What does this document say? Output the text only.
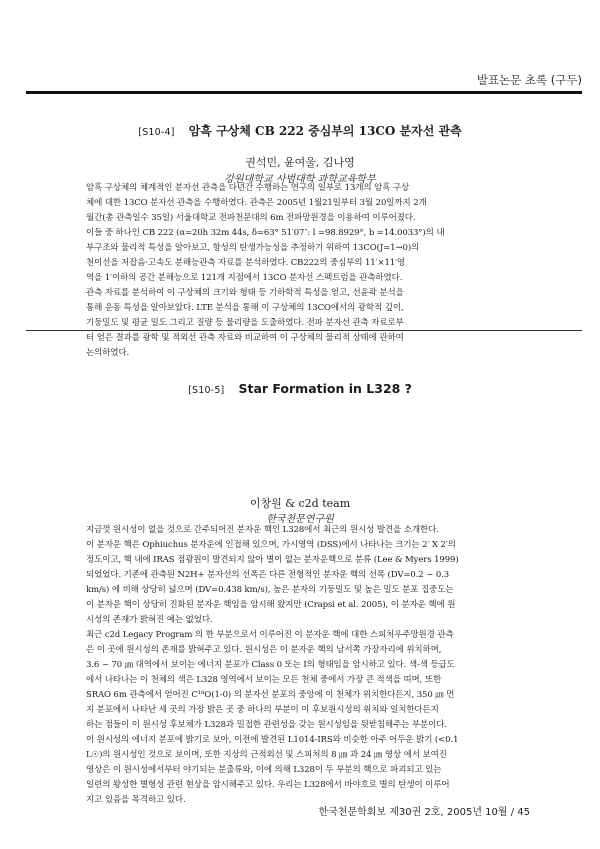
발표논문 초록 (구두)
[S10-4] 암흑 구상체 CB 222 중심부의 13CO 분자선 관측
권석민, 윤여울, 김나영
강원대학교 사범대학 과학교육학부
암흑 구상체의 체계적인 분자선 관측을 다년간 수행하는 연구의 일부로 13개의 암흑 구상
체에 대한 13CO 분자선 관측을 수행하였다. 관측은 2005년 1월21일부터 3월 20일까지 2개
월간(총 관측일수 35일) 서울대학교 전파천문대의 6m 전파망원경을 이용하여 이루어졌다.
이들 중 하나인 CB 222 (α=20h 32m 44s, δ=63° 51′07″: l =98.8929°, b =14.0033°)의 내
부구조와 물리적 특성을 알아보고, 항성의 탄생가능성을 추정하기 위하여 13CO(J=1→0)의
천이선을 저잡음·고속도 분해능관측 자료를 분석하였다. CB222의 중심부의 11′×11′영
역을 1′이하의 공간 분해능으로 121개 지점에서 13CO 분자선 스펙트럼을 관측하였다.
관측 자료를 분석하여 이 구상체의 크기와 형태 등 기하학적 특성을 얻고, 선윤곽 분석을
통해 운동 특성을 알아보았다. LTE 분석을 통해 이 구상체의 13CO에서의 광학적 깊이,
기둥밀도 및 평균 밀도 그리고 질량 등 물리량을 도출하였다. 전파 분자선 관측 자료로부
터 얻은 결과를 광학 및 적외선 관측 자료와 비교하여 이 구상체의 물리적 상태에 관하여
논의하였다.
[S10-5] Star Formation in L328 ?
이창원 & c2d team
한국천문연구원
지금껏 원시성이 없을 것으로 간주되어진 분자운 핵인 L328에서 최근의 원시성 발견을 소개한다.
이 분자운 핵은 Ophiuchus 분자운에 인접해 있으며, 가시영역 (DSS)에서 나타나는 크기는 2′ X 2′의
정도이고, 핵 내에 IRAS 점광원이 발견되지 않아 별이 없는 분자운핵으로 분류 (Lee & Myers 1999)
되었었다. 기존에 관측된 N2H+ 분자선의 선폭은 다른 전형적인 분자운 핵의 선폭 (DV=0.2 ~ 0.3
km/s) 에 비해 상당히 넓으며 (DV=0.438 km/s), 높은 분자의 기둥밀도 및 높은 밀도 분포 집중도는
이 분자운 핵이 상당히 진화된 분자운 핵임을 암시해 왔지만 (Crapsi et al. 2005), 이 분자운 핵에 원
시성의 존재가 밝혀진 예는 없었다.
최근 c2d Legacy Program 의 한 부분으로서 이루어진 이 분자운 핵에 대한 스피처우주망원경 관측
은 이 곳에 원시성의 존재를 밝혀주고 있다. 원시성은 이 분자운 핵의 남서쪽 가장자리에 위치하며,
3.6 ~ 70 ㎛ 대역에서 보이는 에너지 분포가 Class 0 또는 I의 형태임을 암시하고 있다. 색-색 등급도
에서 나타나는 이 천체의 색은 L328 영역에서 보이는 모든 천체 중에서 가장 큰 적색을 띠며, 또한
SRAO 6m 관측에서 얻어진 C¹⁸O(1-0) 의 분자선 분포의 중앙에 이 천체가 위치한다든지, 350 ㎛ 먼
지 분포에서 나타난 세 곳의 가장 밝은 곳 중 하나의 부분이 이 후보원시성의 위치와 일치한다든지
하는 점들이 이 원시성 후보체가 L328과 밀접한 관련성을 갖는 원시성임을 뒷받침해주는 부분이다.
이 원시성의 에너지 분포에 밝기로 보아, 이전에 발견된 L1014-IRS와 비슷한 아주 어두운 밝기 (<0.1
L☉)의 원시성인 것으로 보이며, 또한 지상의 근적외선 및 스피처의 8 ㎛ 과 24 ㎛ 영상 에서 보여진
영상은 이 원시성에서부터 야기되는 분출류와, 이에 의해 L328이 두 부분의 핵으로 파괴되고 있는
일련의 왕성한 별형성 관련 현상을 암시해주고 있다. 우리는 L328에서 바야흐로 별의 탄생이 이루어
지고 있음을 목격하고 있다.
한국천문학회보 제30권 2호, 2005년 10월 / 45
